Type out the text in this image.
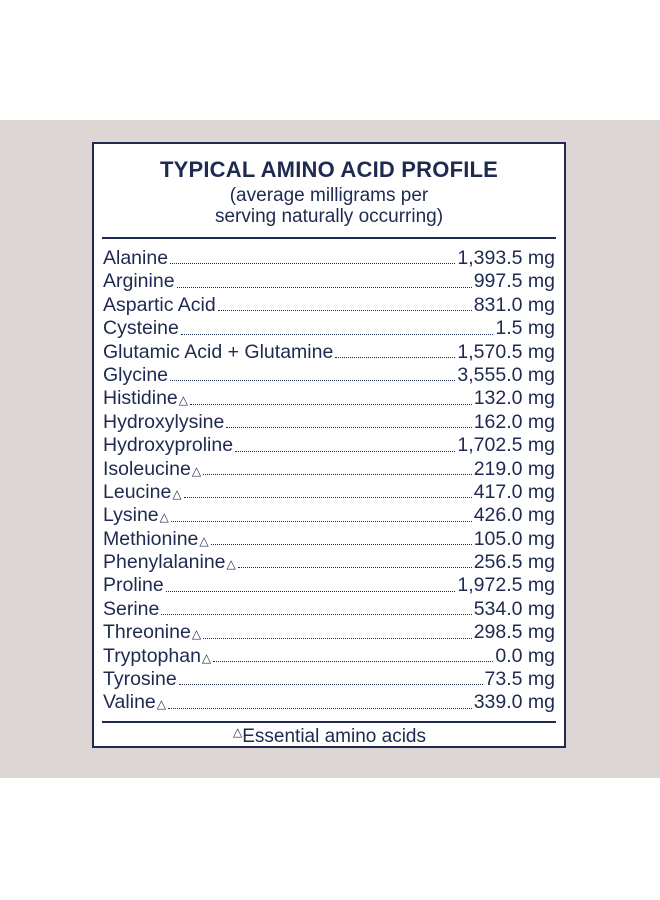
TYPICAL AMINO ACID PROFILE
(average milligrams per
serving naturally occurring)
Alanine	1,393.5 mg
Arginine	997.5 mg
Aspartic Acid	831.0 mg
Cysteine	1.5 mg
Glutamic Acid + Glutamine	1,570.5 mg
Glycine	3,555.0 mg
Histidine △	132.0 mg
Hydroxylysine	162.0 mg
Hydroxyproline	1,702.5 mg
Isoleucine △	219.0 mg
Leucine △	417.0 mg
Lysine △	426.0 mg
Methionine △	105.0 mg
Phenylalanine △	256.5 mg
Proline	1,972.5 mg
Serine	534.0 mg
Threonine △	298.5 mg
Tryptophan △	0.0 mg
Tyrosine	73.5 mg
Valine △	339.0 mg
△Essential amino acids
